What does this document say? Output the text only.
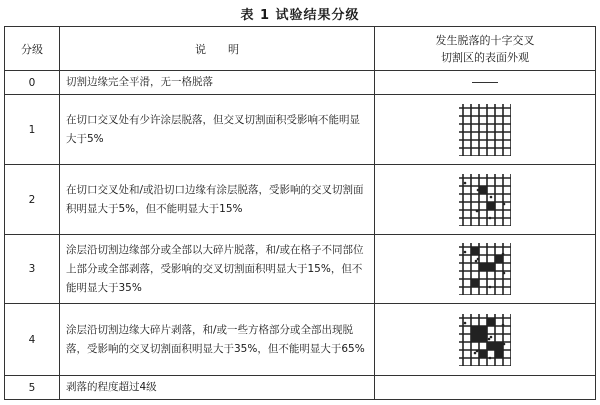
表 1 试验结果分级
分级	说　　明	发生脱落的十字交叉
切割区的表面外观

0	切割边缘完全平滑，无一格脱落	

1	在切口交叉处有少许涂层脱落，但交叉切割面积受影响不能明显大于5%

2	在切口交叉处和/或沿切口边缘有涂层脱落，受影响的交叉切割面积明显大于5%，但不能明显大于15%

3	涂层沿切割边缘部分或全部以大碎片脱落，和/或在格子不同部位上部分或全部剥落，受影响的交叉切割面积明显大于15%，但不能明显大于35%

4	涂层沿切割边缘大碎片剥落，和/或一些方格部分或全部出现脱落，受影响的交叉切割面积明显大于35%，但不能明显大于65%

5	剥落的程度超过4级	
